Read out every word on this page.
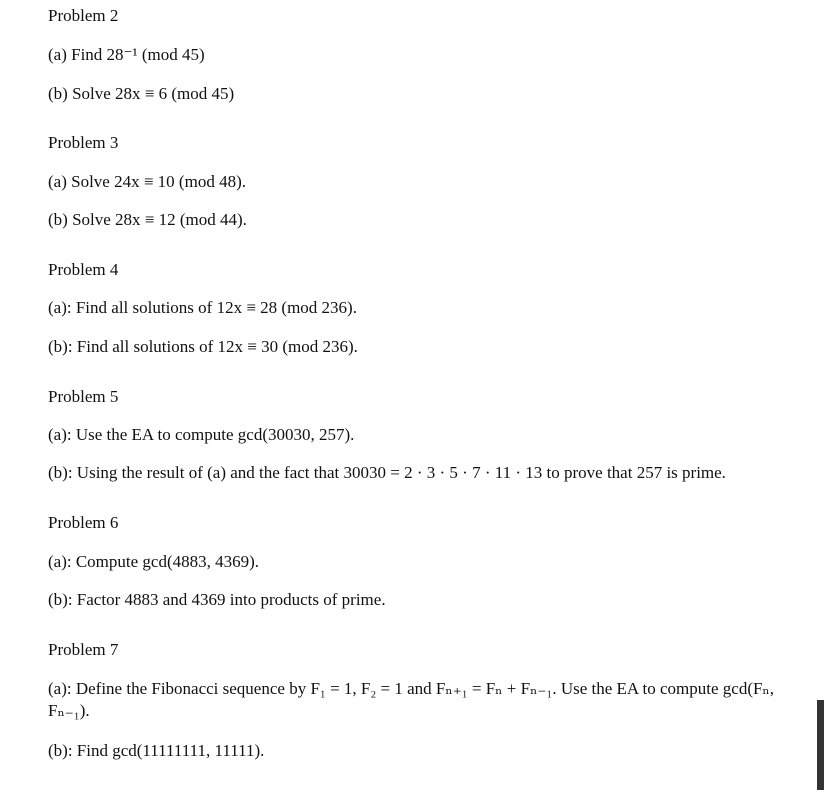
Problem 2
(a) Find 28⁻¹ (mod 45)
(b) Solve 28x ≡ 6 (mod 45)
Problem 3
(a) Solve 24x ≡ 10 (mod 48).
(b) Solve 28x ≡ 12 (mod 44).
Problem 4
(a): Find all solutions of 12x ≡ 28 (mod 236).
(b): Find all solutions of 12x ≡ 30 (mod 236).
Problem 5
(a): Use the EA to compute gcd(30030, 257).
(b): Using the result of (a) and the fact that 30030 = 2 · 3 · 5 · 7 · 11 · 13 to prove that 257 is prime.
Problem 6
(a): Compute gcd(4883, 4369).
(b): Factor 4883 and 4369 into products of prime.
Problem 7
(a): Define the Fibonacci sequence by F₁ = 1, F₂ = 1 and Fₙ₊₁ = Fₙ + Fₙ₋₁. Use the EA to compute gcd(Fₙ, Fₙ₋₁).
(b): Find gcd(11111111, 11111).
